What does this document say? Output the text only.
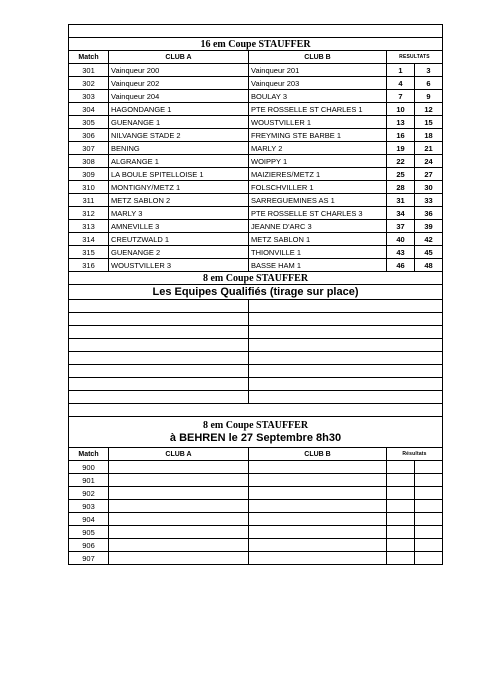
16 em Coupe STAUFFER				
Match	CLUB A	CLUB B	RESULTATS	
301	Vainqueur 200	Vainqueur 201	1	3
302	Vainqueur 202	Vainqueur 203	4	6
303	Vainqueur 204	BOULAY 3	7	9
304	HAGONDANGE 1	PTE ROSSELLE ST CHARLES 1	10	12
305	GUENANGE 1	WOUSTVILLER 1	13	15
306	NILVANGE STADE 2	FREYMING STE BARBE 1	16	18
307	BENING	MARLY 2	19	21
308	ALGRANGE 1	WOIPPY 1	22	24
309	LA BOULE SPITELLOISE 1	MAIZIERES/METZ 1	25	27
310	MONTIGNY/METZ 1	FOLSCHVILLER 1	28	30
311	METZ SABLON 2	SARREGUEMINES AS 1	31	33
312	MARLY 3	PTE ROSSELLE ST CHARLES 3	34	36
313	AMNEVILLE 3	JEANNE D'ARC 3	37	39
314	CREUTZWALD 1	METZ SABLON 1	40	42
315	GUENANGE 2	THIONVILLE 1	43	45
316	WOUSTVILLER 3	BASSE HAM 1	46	48
8 em Coupe STAUFFER				
Les Equipes Qualifiés (tirage sur place)				

8 em Coupe STAUFFER
à BEHREN le 27 Septembre 8h30				

Match	CLUB A	CLUB B	Résultats	
900				
901				
902				
903				
904				
905				
906				
907				
